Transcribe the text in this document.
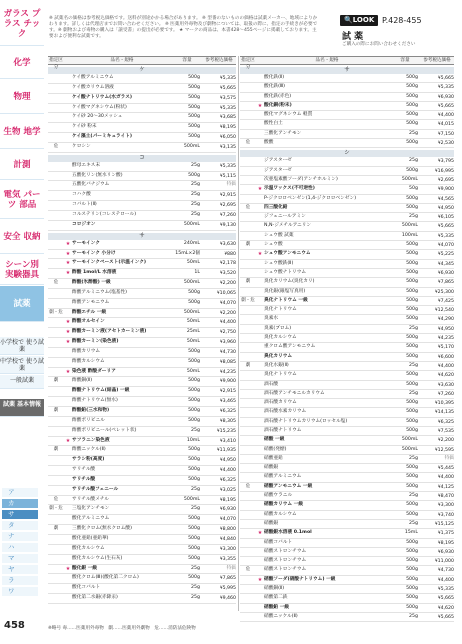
ガラス プラス チック
化学
物理
生物 地学
計測
電気 パーツ 部品
安全 収納
シーン別 実験器具
試薬
小学校で 使う試薬
中学校で 使う試薬
一般試薬
試薬 基本情報
ア
カ
サ
タ
ナ
ハ
マ
ヤ
ラ
ワ
※ 試薬名の価格は参考税込価格です。送料が別途かかる場合があります。 ※ 型番のないものの価格は試薬メーカー、地域によりかわります。詳しくは代理店までお問い合わせください。 ※ 医薬用外毒物及び劇物については、取扱の際に、指定の手続きが必要です。※ 劇物および毒物の購入は「譲受書」の提出が必要です。 ★ マークの商品は、本書428〜455ページに掲載しております。主要および便利な試薬です。
🔍LOOK P.428-455
試 薬
ご購入の際にお問い合わせください
指定区分
品名・規格	容量	参考税込価格
ケ
ケイ酸アルミニウム	500g	¥5,335
ケイ酸カリウム溶液	500g	¥5,665
ケイ酸ナトリウム(水ガラス)	500g	¥3,575
ケイ酸マグネシウム(粉状)	500g	¥5,335
ケイ砂 20〜30メッシュ	500g	¥3,685
ケイ砂 粉末	500g	¥8,195
ケイ藻土(パーミキュライト)	500g	¥6,050
危	ケロシン	500mL	¥3,135
コ
酵母エキス末	25g	¥5,335
五酸化リン(無水リン酸)	500g	¥5,115
五酸化バナジウム	25g	特価
コハク酸	25g	¥2,915
コバルト(Ⅱ)	25g	¥2,695
コルステリン(コレステロール)	25g	¥7,260
コロジオン	500mL	¥9,130
サ
★ サーモインク	240mL	¥3,630
★ サーモインク 小分け	15mL×2個	¥880
★ サーモインクペースト(示温インク)	50mL	¥2,178
★ 酢酸 1mol/L 水溶液	1L	¥3,520
危	酢酸(氷酢酸) 一級	500mL	¥2,200
酢酸アルミニウム(塩基性)	500g	¥10,065
酢酸アンモニウム	500g	¥4,070
劇・危 酢酸エチル 一級	500mL	¥2,200
★ 酢酸オルセイン	50mL	¥4,400
★ 酢酸カーミン液(アセトカーミン液)	25mL	¥2,750
★ 酢酸カーミン(染色液)	50mL	¥3,960
酢酸カリウム	500g	¥4,730
酢酸カルシウム	500g	¥8,085
★ 染色液 酢酸ダーリア	50mL	¥4,235
劇	酢酸銅(Ⅱ)	500g	¥9,900
酢酸ナトリウム(結晶) 一級	500g	¥2,915
酢酸ナトリウム(無水)	500g	¥3,465
劇	酢酸鉛(三水和物)	500g	¥6,325
酢酸ポリビニル	500g	¥8,305
酢酸ポリビニール(ペレット状)	25g	¥15,235
★ サフラニン染色液	10mL	¥3,410
劇	酢酸ニッケル(Ⅱ)	500g	¥11,935
サラシ粉(高度)	500g	¥4,950
サリチル酸	500g	¥4,400
サリチル酸	500g	¥6,325
サリチル酸フェニール	25g	¥3,025
危	サリチル酸メチル	500mL	¥8,195
劇・危 三塩化アンチモン	25g	¥6,930
酸化アルミニウム	500g	¥4,070
劇	三酸化クロム(無水クロム酸)	500g	¥8,800
酸化亜鉛(亜鉛華)	500g	¥4,840
酸化カルシウム	500g	¥3,300
酸化カルシウム(生石灰)	500g	¥3,355
★ 酸化銀 一級	25g	特価
酸化クロム(Ⅲ)(酸化第二クロム)	500g	¥7,865
酸化コバルト	25g	¥5,995
酸化第二水銀(赤降汞)	25g	¥9,460
指定区分
品名・規格	容量	参考税込価格
サ
酸化鉄(Ⅱ)	500g	¥5,665
酸化鉄(Ⅲ)	500g	¥5,335
酸化鉄(赤色)	500g	¥6,930
★ 酸化銅(粉末)	500g	¥5,665
酸化マグネシウム 軽質	500g	¥4,400
酸性白土	500g	¥4,015
三酸化アンチモン	25g	¥7,150
危	酸酸	500g	¥2,530
シ
ジアスターゼ	25g	¥3,795
ジアスターゼ	500g	¥16,995
次亜塩素酸ソーダ(アンチホルミン)	500mL	¥2,695
★ 示温ワックス(不可逆性)	50g	¥9,900
P-ジクロロベンゼン(1,4-ジクロロベンゼン)	500g	¥4,565
危	四三酸化鉛	500g	¥4,950
ジフェニールアミン	25g	¥6,105
N,N-ジメチルアニリン	500mL	¥5,665
シュウ酸 試薬	100mL	¥5,335
劇	シュウ酸	500g	¥4,070
★ シュウ酸アンモニウム	500g	¥5,225
シュウ酸鉄(Ⅱ)	500g	¥4,345
シュウ酸ナトリウム	500g	¥6,930
劇	臭化カリウム(臭化カリ)	500g	¥7,865
臭化銀(銀塩写真用)	500g	¥25,300
劇・危 臭化ナトリウム 一級	500g	¥7,425
臭化ナトリウム	500g	¥12,540
臭素水	500g	¥4,290
臭素(ブロム)	25g	¥4,950
臭化カルシウム	500g	¥4,235
重クロム酸アンモニウム	500g	¥5,170
臭化カリウム	500g	¥6,600
劇	臭化水銀(Ⅱ)	25g	¥4,400
臭化ナトリウム	500g	¥4,620
酒石酸	500g	¥3,630
酒石酸アンチモニルカリウム	25g	¥7,260
酒石酸カリウム	500g	¥10,395
酒石酸水素カリウム	500g	¥14,135
酒石酸ナトリウムカリウム(ロッセル塩)	500g	¥6,325
酒石酸ナトリウム	500g	¥7,535
硝酸 一級	500mL	¥2,200
硝酸(発煙)	500mL	¥12,595
硝酸亜鉛	25g	特価
硝酸銀	500g	¥5,445
硝酸アルミニウム	500g	¥4,400
危	硝酸アンモニウム 一級	500g	¥4,125
硝酸ウラニル	25g	¥8,470
硝酸カリウム 一級	500g	¥3,300
硝酸カルシウム	500g	¥3,740
硝酸銀	25g	¥15,125
★ 硝酸銀水溶液 0.1mol	15mL	¥1,375
硝酸コバルト	500g	¥8,195
硝酸ストロンチウム	500g	¥6,930
硝酸ストロンチウム	500g	¥11,000
危	硝酸ストロンチウム	500g	¥4,730
★ 硝酸ソーダ(硝酸ナトリウム) 一級	500g	¥4,400
硝酸銅(Ⅱ)	500g	¥5,335
硝酸第二鉄	500g	¥5,665
硝酸鉛 一級	500g	¥4,620
硝酸ニッケル(Ⅱ)	25g	¥5,665
458	※略号 毒……医薬用外毒物　劇……医薬用外劇物　危……消防法危険物
